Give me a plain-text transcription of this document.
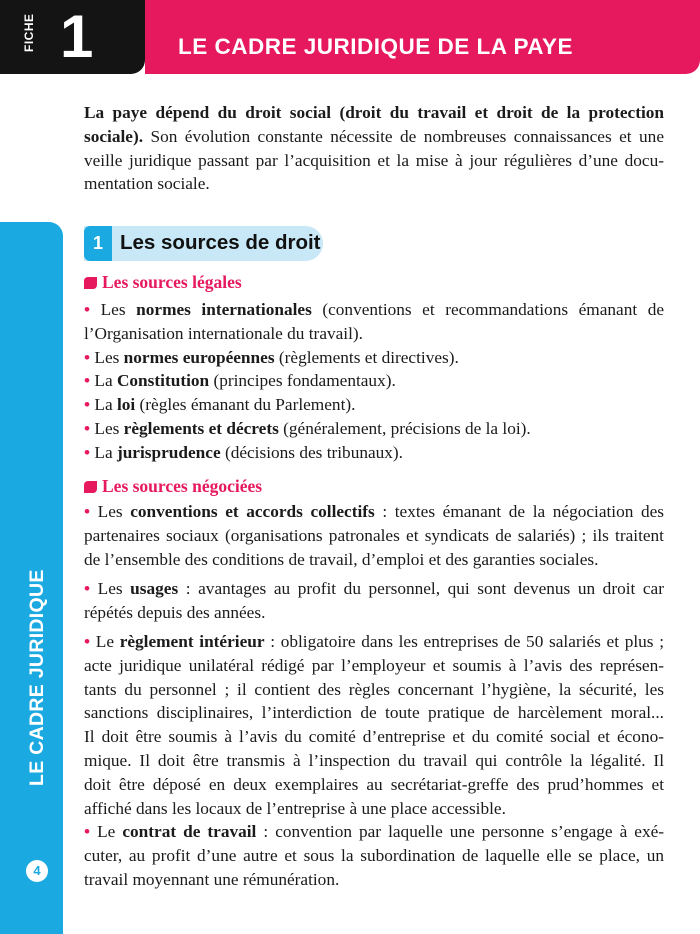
FICHE 1	LE CADRE JURIDIQUE DE LA PAYE
LE CADRE JURIDIQUE
4
La paye dépend du droit social (droit du travail et droit de la protection
sociale). Son évolution constante nécessite de nombreuses connaissances et une
veille juridique passant par l’acquisition et la mise à jour régulières d’une docu-
mentation sociale.
1 Les sources de droit
Les sources légales
• Les normes internationales (conventions et recommandations émanant de
l’Organisation internationale du travail).
• Les normes européennes (règlements et directives).
• La Constitution (principes fondamentaux).
• La loi (règles émanant du Parlement).
• Les règlements et décrets (généralement, précisions de la loi).
• La jurisprudence (décisions des tribunaux).
Les sources négociées
• Les conventions et accords collectifs : textes émanant de la négociation des
partenaires sociaux (organisations patronales et syndicats de salariés) ; ils traitent
de l’ensemble des conditions de travail, d’emploi et des garanties sociales.
• Les usages : avantages au profit du personnel, qui sont devenus un droit car
répétés depuis des années.
• Le règlement intérieur : obligatoire dans les entreprises de 50 salariés et plus ;
acte juridique unilatéral rédigé par l’employeur et soumis à l’avis des représen-
tants du personnel ; il contient des règles concernant l’hygiène, la sécurité, les
sanctions disciplinaires, l’interdiction de toute pratique de harcèlement moral...
Il doit être soumis à l’avis du comité d’entreprise et du comité social et écono-
mique. Il doit être transmis à l’inspection du travail qui contrôle la légalité. Il
doit être déposé en deux exemplaires au secrétariat-greffe des prud’hommes et
affiché dans les locaux de l’entreprise à une place accessible.
• Le contrat de travail : convention par laquelle une personne s’engage à exé-
cuter, au profit d’une autre et sous la subordination de laquelle elle se place, un
travail moyennant une rémunération.
